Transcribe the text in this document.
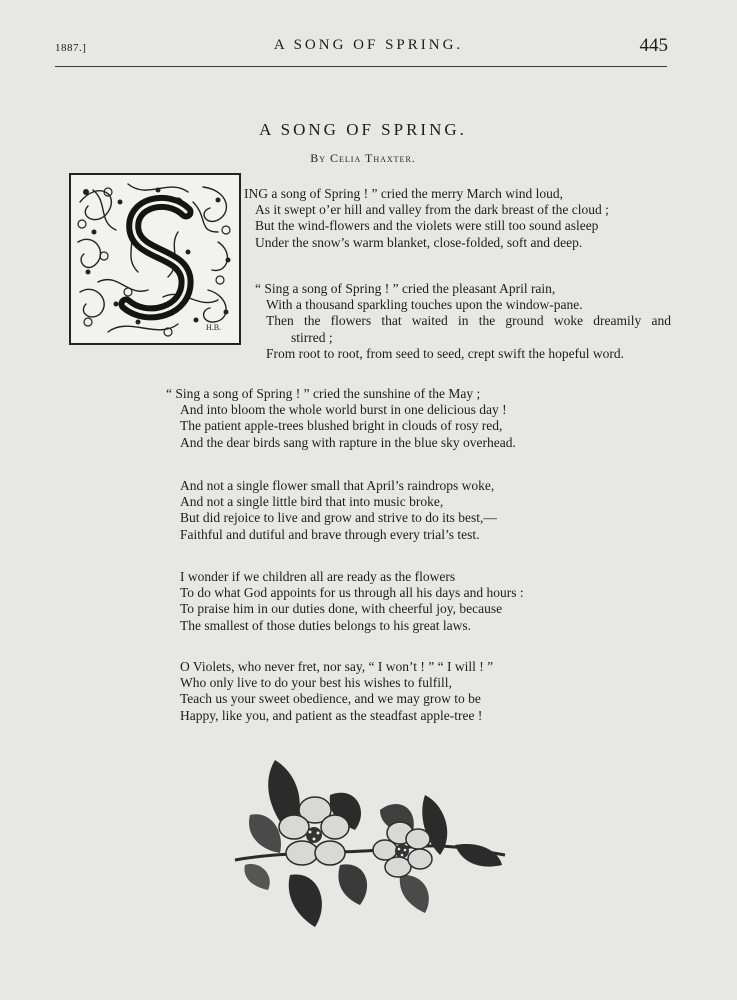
1887.]	A SONG OF SPRING.	445
A SONG OF SPRING.
By Celia Thaxter.
H.B.
ING a song of Spring ! ” cried the merry March wind loud,
As it swept o’er hill and valley from the dark breast of the cloud ;
But the wind-flowers and the violets were still too sound asleep
Under the snow’s warm blanket, close-folded, soft and deep.
“ Sing a song of Spring ! ” cried the pleasant April rain,
With a thousand sparkling touches upon the window-pane.
Then the flowers that waited in the ground woke dreamily and
stirred ;
From root to root, from seed to seed, crept swift the hopeful word.
“ Sing a song of Spring ! ” cried the sunshine of the May ;
And into bloom the whole world burst in one delicious day !
The patient apple-trees blushed bright in clouds of rosy red,
And the dear birds sang with rapture in the blue sky overhead.
And not a single flower small that April’s raindrops woke,
And not a single little bird that into music broke,
But did rejoice to live and grow and strive to do its best,—
Faithful and dutiful and brave through every trial’s test.
I wonder if we children all are ready as the flowers
To do what God appoints for us through all his days and hours :
To praise him in our duties done, with cheerful joy, because
The smallest of those duties belongs to his great laws.
O Violets, who never fret, nor say, “ I won’t ! ” “ I will ! ”
Who only live to do your best his wishes to fulfill,
Teach us your sweet obedience, and we may grow to be
Happy, like you, and patient as the steadfast apple-tree !
